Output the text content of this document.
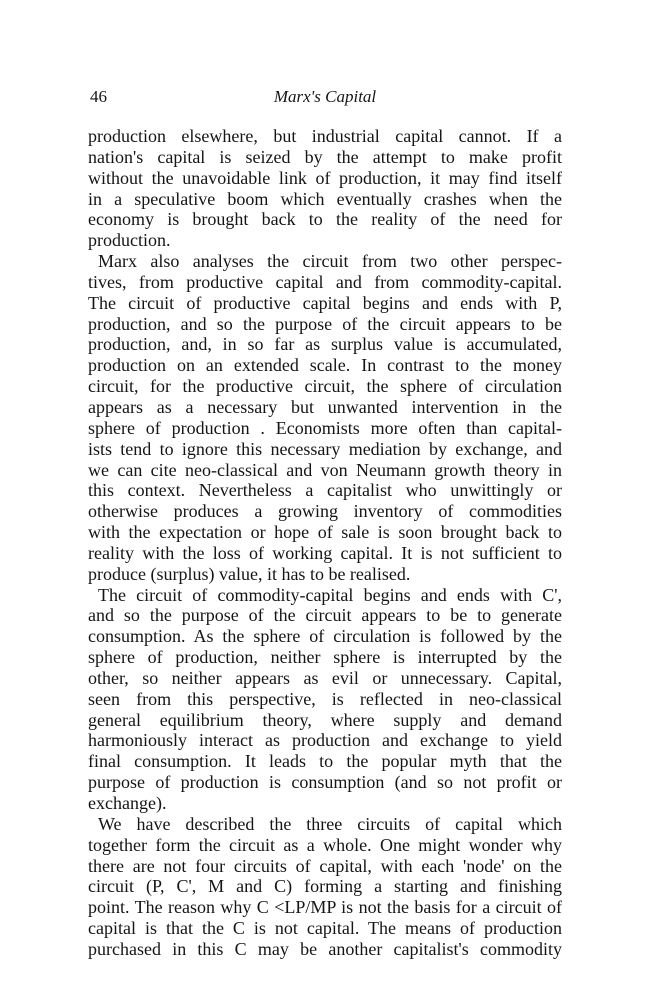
46	Marx's Capital
production elsewhere, but industrial capital cannot. If a
nation's capital is seized by the attempt to make profit
without the unavoidable link of production, it may find itself
in a speculative boom which eventually crashes when the
economy is brought back to the reality of the need for
production.
Marx also analyses the circuit from two other perspec-
tives, from productive capital and from commodity-capital.
The circuit of productive capital begins and ends with P,
production, and so the purpose of the circuit appears to be
production, and, in so far as surplus value is accumulated,
production on an extended scale. In contrast to the money
circuit, for the productive circuit, the sphere of circulation
appears as a necessary but unwanted intervention in the
sphere of production . Economists more often than capital-
ists tend to ignore this necessary mediation by exchange, and
we can cite neo-classical and von Neumann growth theory in
this context. Nevertheless a capitalist who unwittingly or
otherwise produces a growing inventory of commodities
with the expectation or hope of sale is soon brought back to
reality with the loss of working capital. It is not sufficient to
produce (surplus) value, it has to be realised.
The circuit of commodity-capital begins and ends with C',
and so the purpose of the circuit appears to be to generate
consumption. As the sphere of circulation is followed by the
sphere of production, neither sphere is interrupted by the
other, so neither appears as evil or unnecessary. Capital,
seen from this perspective, is reflected in neo-classical
general equilibrium theory, where supply and demand
harmoniously interact as production and exchange to yield
final consumption. It leads to the popular myth that the
purpose of production is consumption (and so not profit or
exchange).
We have described the three circuits of capital which
together form the circuit as a whole. One might wonder why
there are not four circuits of capital, with each 'node' on the
circuit (P, C', M and C) forming a starting and finishing
point. The reason why C <LP/MP is not the basis for a circuit of
capital is that the C is not capital. The means of production
purchased in this C may be another capitalist's commodity
